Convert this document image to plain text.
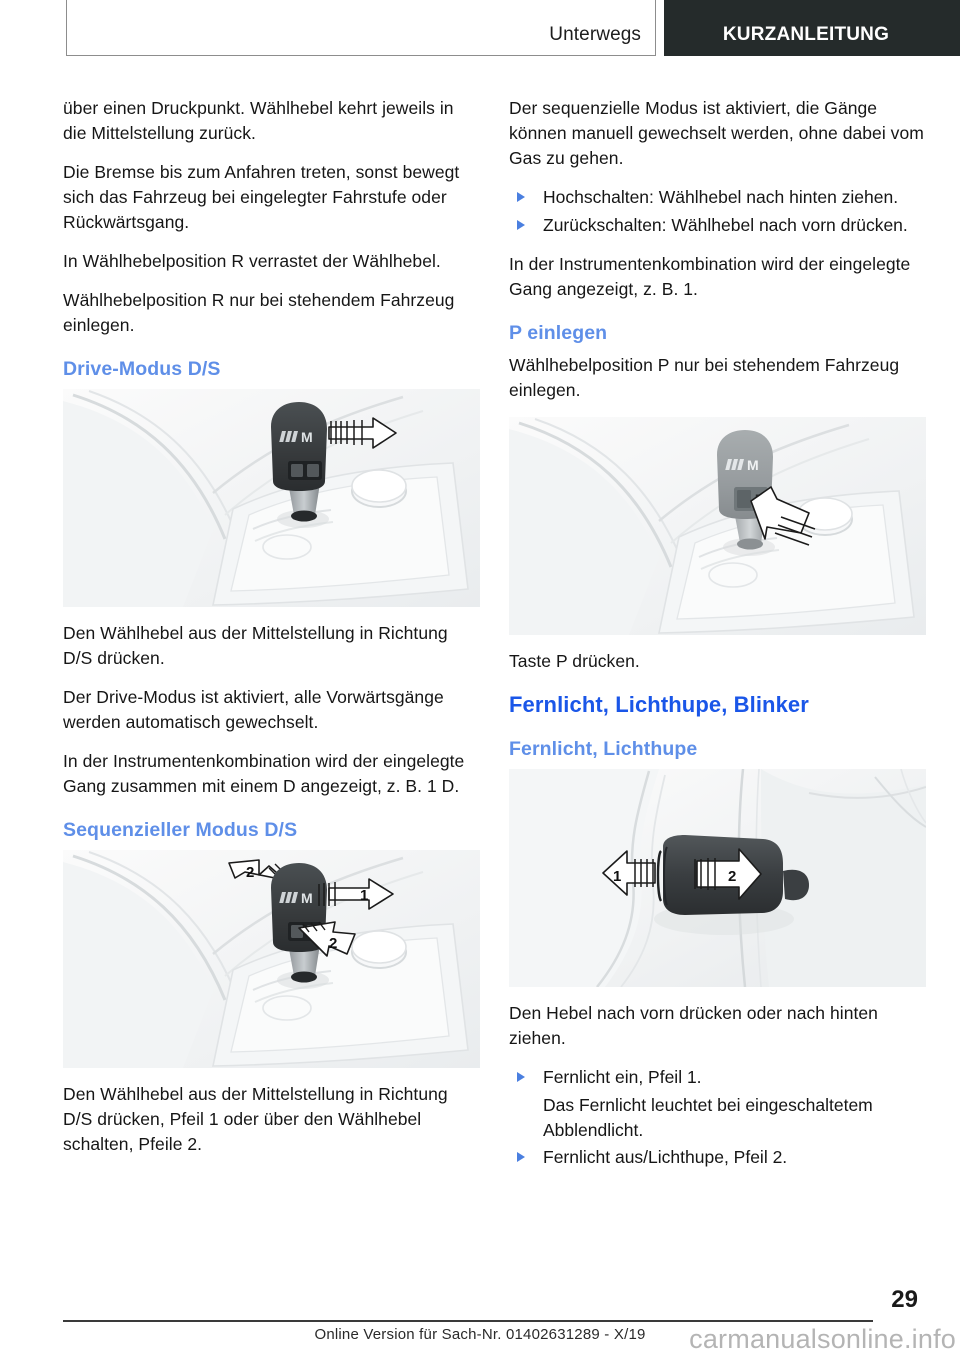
Unterwegs	KURZANLEITUNG

über einen Druckpunkt. Wählhebel kehrt jeweils in die Mittelstellung zurück.

Die Bremse bis zum Anfahren treten, sonst bewegt sich das Fahrzeug bei eingelegter Fahrstufe oder Rückwärtsgang.

In Wählhebelposition R verrastet der Wählhebel.

Wählhebelposition R nur bei stehendem Fahrzeug einlegen.

Drive-Modus D/S
M

Den Wählhebel aus der Mittelstellung in Richtung D/S drücken.

Der Drive-Modus ist aktiviert, alle Vorwärtsgänge werden automatisch gewechselt.

In der Instrumentenkombination wird der eingelegte Gang zusammen mit einem D angezeigt, z. B. 1 D.

Sequenzieller Modus D/S
2
M	1
2

Den Wählhebel aus der Mittelstellung in Richtung D/S drücken, Pfeil 1 oder über den Wählhebel schalten, Pfeile 2.

Der sequenzielle Modus ist aktiviert, die Gänge können manuell gewechselt werden, ohne dabei vom Gas zu gehen.

Hochschalten: Wählhebel nach hinten ziehen.
Zurückschalten: Wählhebel nach vorn drücken.

In der Instrumentenkombination wird der eingelegte Gang angezeigt, z. B. 1.

P einlegen

Wählhebelposition P nur bei stehendem Fahrzeug einlegen.

M

Taste P drücken.

Fernlicht, Lichthupe, Blinker
Fernlicht, Lichthupe
1	2

Den Hebel nach vorn drücken oder nach hinten ziehen.

Fernlicht ein, Pfeil 1.
Das Fernlicht leuchtet bei eingeschaltetem Abblendlicht.
Fernlicht aus/Lichthupe, Pfeil 2.
29
Online Version für Sach-Nr. 01402631289 - X/19	carmanualsonline.info
